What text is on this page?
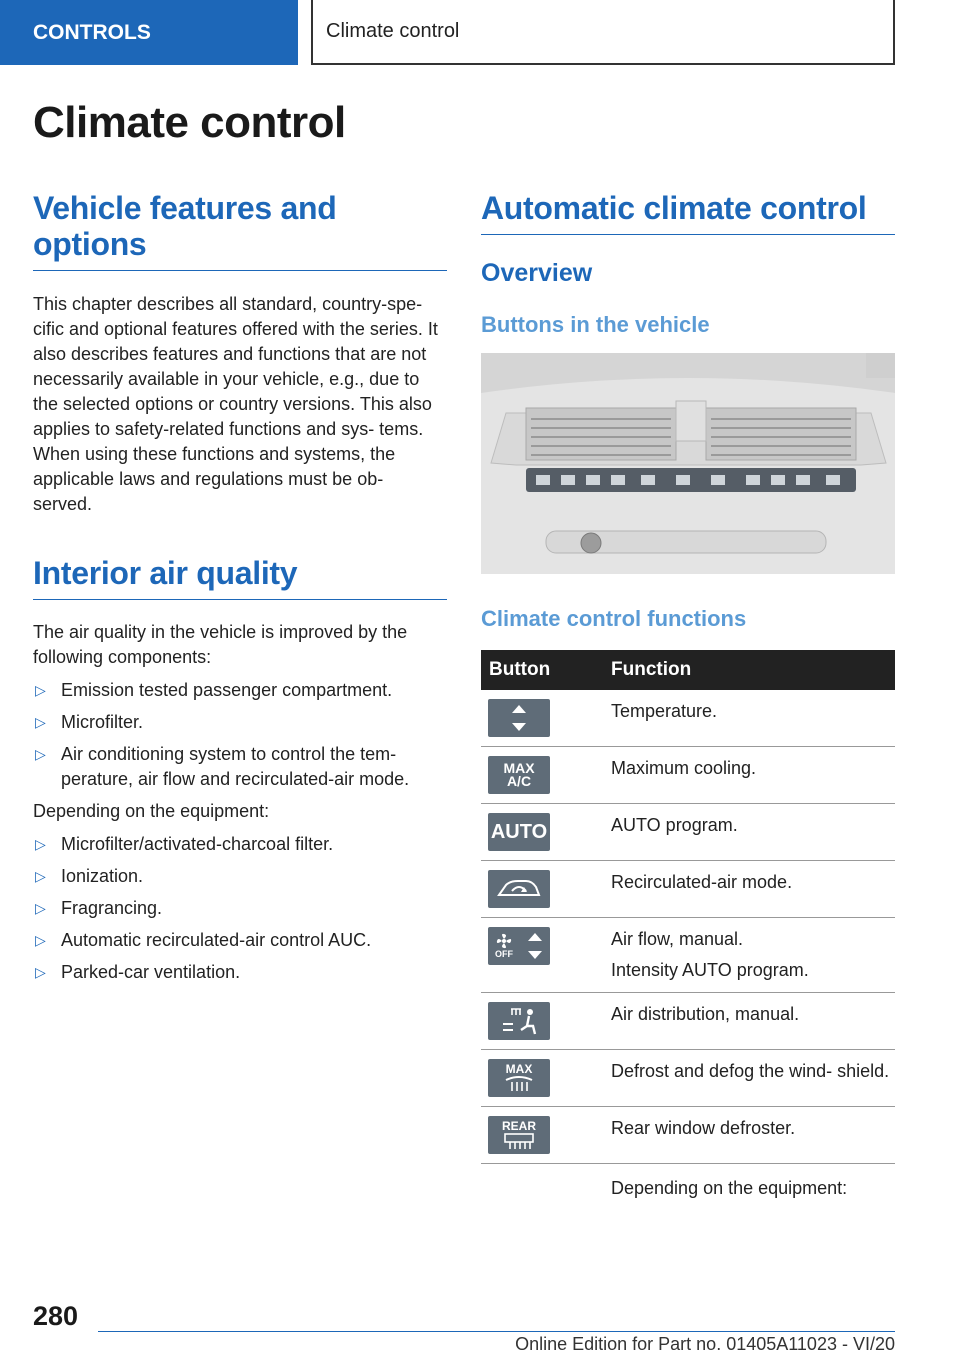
CONTROLS	Climate control
Climate control
Vehicle features and options

This chapter describes all standard, country-spe‐ cific and optional features offered with the series. It also describes features and functions that are not necessarily available in your vehicle, e.g., due to the selected options or country versions. This also applies to safety-related functions and sys‐ tems. When using these functions and systems, the applicable laws and regulations must be ob‐ served.

Interior air quality

The air quality in the vehicle is improved by the following components:

▷ Emission tested passenger compartment.
▷ Microfilter.
▷ Air conditioning system to control the tem‐ perature, air flow and recirculated-air mode.

Depending on the equipment:

▷ Microfilter/activated-charcoal filter.
▷ Ionization.
▷ Fragrancing.
▷ Automatic recirculated-air control AUC.
▷ Parked-car ventilation.
Automatic climate control
Overview
Buttons in the vehicle
Climate control functions
Button	Function

	Temperature.

MAX
A/C	Maximum cooling.

AUTO	AUTO program.

	Recirculated-air mode.

OFF	Air flow, manual.
Intensity AUTO program.

	Air distribution, manual.

MAX	Defrost and defog the wind‐ shield.

REAR	Rear window defroster.
	Depending on the equipment:
280
Online Edition for Part no. 01405A11023 - VI/20
